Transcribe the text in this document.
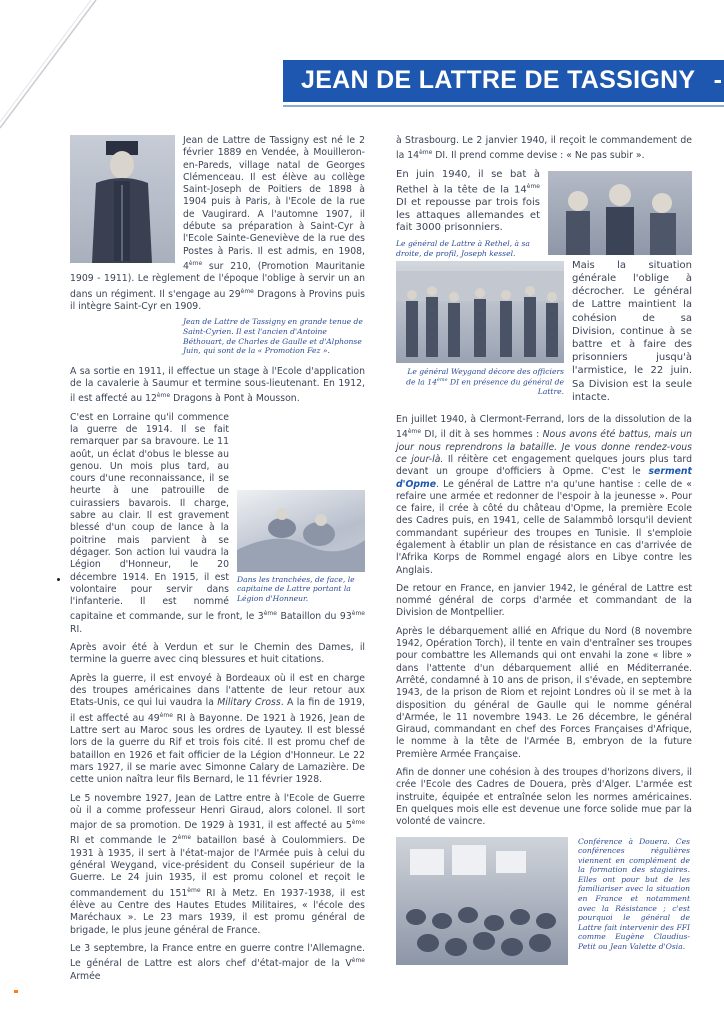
JEAN DE LATTRE DE TASSIGNY -

Jean de Lattre de Tassigny est né le 2 février 1889 en Vendée, à Mouilleron-en-Pareds, village natal de Georges Clémenceau. Il est élève au collège Saint-Joseph de Poitiers de 1898 à 1904 puis à Paris, à l'Ecole de la rue de Vaugirard. A l'automne 1907, il débute sa préparation à Saint-Cyr à l'Ecole Sainte-Geneviève de la rue des Postes à Paris. Il est admis, en 1908, 4ème sur 210, (Promotion Mauritanie 1909 - 1911). Le règlement de l'époque l'oblige à servir un an dans un régiment. Il s'engage au 29ème Dragons à Provins puis il intègre Saint-Cyr en 1909.

Jean de Lattre de Tassigny en grande tenue de Saint-Cyrien. Il est l'ancien d'Antoine Béthouart, de Charles de Gaulle et d'Alphonse Juin, qui sont de la « Promotion Fez ».

A sa sortie en 1911, il effectue un stage à l'Ecole d'application de la cavalerie à Saumur et termine sous-lieutenant. En 1912, il est affecté au 12ème Dragons à Pont à Mousson.

Dans les tranchées, de face, le capitaine de Lattre portant la Légion d'Honneur.

C'est en Lorraine qu'il commence la guerre de 1914. Il se fait remarquer par sa bravoure. Le 11 août, un éclat d'obus le blesse au genou. Un mois plus tard, au cours d'une reconnaissance, il se heurte à une patrouille de cuirassiers bavarois. Il charge, sabre au clair. Il est gravement blessé d'un coup de lance à la poitrine mais parvient à se dégager. Son action lui vaudra la Légion d'Honneur, le 20 décembre 1914. En 1915, il est volontaire pour servir dans l'infanterie. Il est nommé capitaine et commande, sur le front, le 3ème Bataillon du 93ème RI.

Après avoir été à Verdun et sur le Chemin des Dames, il termine la guerre avec cinq blessures et huit citations.

Après la guerre, il est envoyé à Bordeaux où il est en charge des troupes américaines dans l'attente de leur retour aux Etats-Unis, ce qui lui vaudra la Military Cross. A la fin de 1919, il est affecté au 49ème RI à Bayonne. De 1921 à 1926, Jean de Lattre sert au Maroc sous les ordres de Lyautey. Il est blessé lors de la guerre du Rif et trois fois cité. Il est promu chef de bataillon en 1926 et fait officier de la Légion d'Honneur. Le 22 mars 1927, il se marie avec Simonne Calary de Lamazière. De cette union naîtra leur fils Bernard, le 11 février 1928.

Le 5 novembre 1927, Jean de Lattre entre à l'Ecole de Guerre où il a comme professeur Henri Giraud, alors colonel. Il sort major de sa promotion. De 1929 à 1931, il est affecté au 5ème RI et commande le 2ème bataillon basé à Coulommiers. De 1931 à 1935, il sert à l'état-major de l'Armée puis à celui du général Weygand, vice-président du Conseil supérieur de la Guerre. Le 24 juin 1935, il est promu colonel et reçoit le commandement du 151ème RI à Metz. En 1937-1938, il est élève au Centre des Hautes Etudes Militaires, « l'école des Maréchaux ». Le 23 mars 1939, il est promu général de brigade, le plus jeune général de France.

Le 3 septembre, la France entre en guerre contre l'Allemagne. Le général de Lattre est alors chef d'état-major de la Vème Armée

à Strasbourg. Le 2 janvier 1940, il reçoit le commandement de la 14ème DI. Il prend comme devise : « Ne pas subir ».

En juin 1940, il se bat à Rethel à la tête de la 14ème DI et repousse par trois fois les attaques allemandes et fait 3000 prisonniers.

Le général de Lattre à Rethel, à sa droite, de profil, Joseph kessel.
Le général Weygand décore des officiers de la 14ème DI en présence du général de Lattre.

Mais la situation générale l'oblige à décrocher. Le général de Lattre maintient la cohésion de sa Division, continue à se battre et à faire des prisonniers jusqu'à l'armistice, le 22 juin. Sa Division est la seule intacte.

En juillet 1940, à Clermont-Ferrand, lors de la dissolution de la 14ème DI, il dit à ses hommes : Nous avons été battus, mais un jour nous reprendrons la bataille. Je vous donne rendez-vous ce jour-là. Il réitère cet engagement quelques jours plus tard devant un groupe d'officiers à Opme. C'est le serment d'Opme. Le général de Lattre n'a qu'une hantise : celle de « refaire une armée et redonner de l'espoir à la jeunesse ». Pour ce faire, il crée à côté du château d'Opme, la première Ecole des Cadres puis, en 1941, celle de Salammbô lorsqu'il devient commandant supérieur des troupes en Tunisie. Il s'emploie également à établir un plan de résistance en cas d'arrivée de l'Afrika Korps de Rommel engagé alors en Libye contre les Anglais.

De retour en France, en janvier 1942, le général de Lattre est nommé général de corps d'armée et commandant de la Division de Montpellier.

Après le débarquement allié en Afrique du Nord (8 novembre 1942, Opération Torch), il tente en vain d'entraîner ses troupes pour combattre les Allemands qui ont envahi la zone « libre » dans l'attente d'un débarquement allié en Méditerranée. Arrêté, condamné à 10 ans de prison, il s'évade, en septembre 1943, de la prison de Riom et rejoint Londres où il se met à la disposition du général de Gaulle qui le nomme général d'Armée, le 11 novembre 1943. Le 26 décembre, le général Giraud, commandant en chef des Forces Françaises d'Afrique, le nomme à la tête de l'Armée B, embryon de la future Première Armée Française.

Afin de donner une cohésion à des troupes d'horizons divers, il crée l'Ecole des Cadres de Douera, près d'Alger. L'armée est instruite, équipée et entraînée selon les normes américaines. En quelques mois elle est devenue une force solide mue par la volonté de vaincre.

Conférence à Douera. Ces conférences régulières viennent en complément de la formation des stagiaires. Elles ont pour but de les familiariser avec la situation en France et notamment avec la Résistance ; c'est pourquoi le général de Lattre fait intervenir des FFI comme Eugène Claudius-Petit ou Jean Valette d'Osia.
